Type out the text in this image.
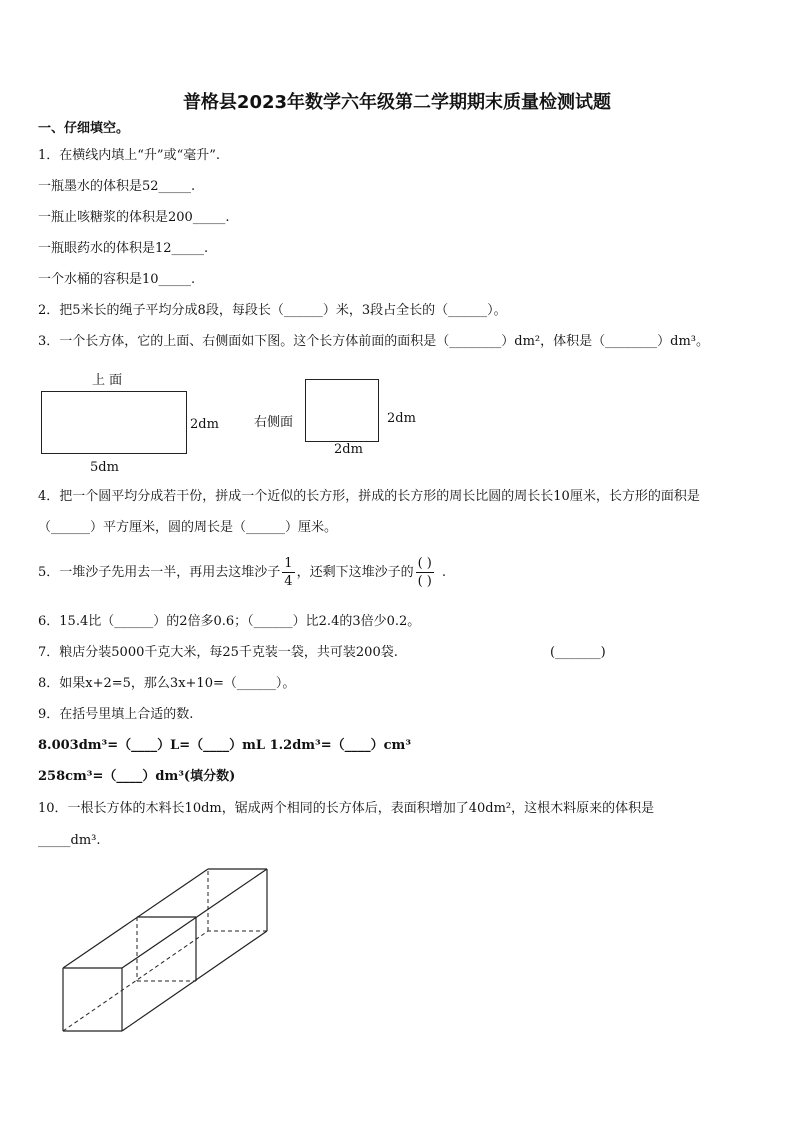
普格县2023年数学六年级第二学期期末质量检测试题
一、仔细填空。
1．在横线内填上“升”或“毫升”.
一瓶墨水的体积是52_____.
一瓶止咳糖浆的体积是200_____.
一瓶眼药水的体积是12_____.
一个水桶的容积是10_____.
2．把5米长的绳子平均分成8段，每段长（______）米，3段占全长的（______）。
3．一个长方体，它的上面、右侧面如下图。这个长方体前面的面积是（________）dm²，体积是（________）dm³。
上 面
2dm
5dm
右侧面	2dm
2dm
4．把一个圆平均分成若干份，拼成一个近似的长方形，拼成的长方形的周长比圆的周长长10厘米，长方形的面积是
（______）平方厘米，圆的周长是（______）厘米。
5．一堆沙子先用去一半，再用去这堆沙子 $\frac{1}{4}$ ，还剩下这堆沙子的 $\frac{( )}{( )}$ .
6．15.4比（______）的2倍多0.6；（______）比2.4的3倍少0.2。
7．粮店分装5000千克大米，每25千克装一袋，共可装200袋.	(_______)
8．如果x+2=5，那么3x+10=（______）。
9．在括号里填上合适的数.
8.003dm³=（____）L=（____）mL 1.2dm³=（____）cm³
258cm³=（____）dm³(填分数)
10．一根长方体的木料长10dm，锯成两个相同的长方体后，表面积增加了40dm²，这根木料原来的体积是
_____dm³.
